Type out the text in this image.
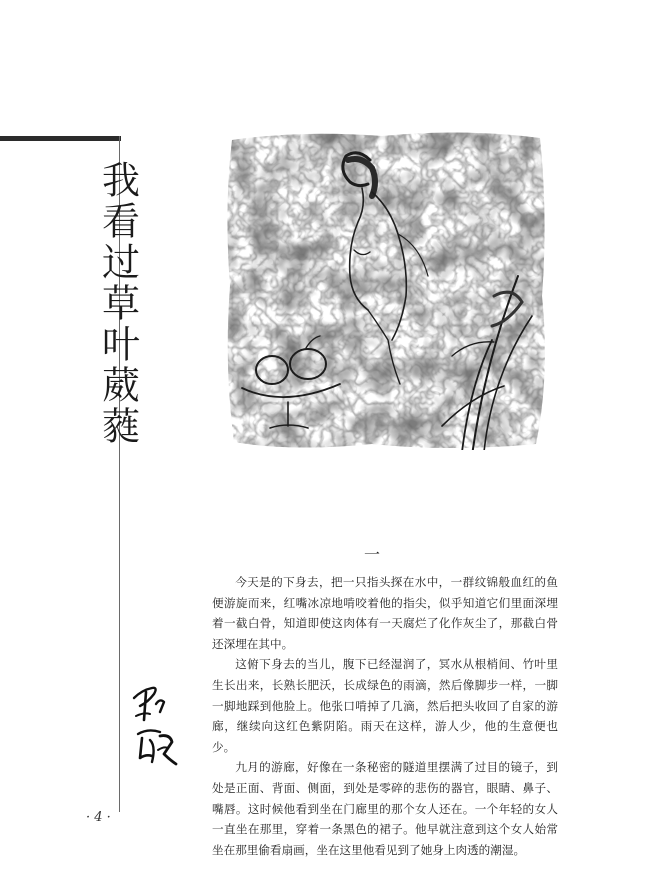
我看过草叶葳蕤
一

今天是的下身去，把一只指头探在水中，一群纹锦般血红的鱼便游旋而来，红嘴冰凉地啃咬着他的指尖，似乎知道它们里面深埋着一截白骨，知道即使这肉体有一天腐烂了化作灰尘了，那截白骨还深埋在其中。

这俯下身去的当儿，腹下已经湿润了，冥水从根梢间、竹叶里生长出来，长熟长肥沃，长成绿色的雨滴，然后像脚步一样，一脚一脚地踩到他脸上。他张口啃掉了几滴，然后把头收回了自家的游廊，继续向这红色紫阴陷。雨天在这样，游人少，他的生意便也少。

九月的游廊，好像在一条秘密的隧道里摆满了过目的镜子，到处是正面、背面、侧面，到处是零碎的悲伤的器官，眼睛、鼻子、嘴唇。这时候他看到坐在门廊里的那个女人还在。一个年轻的女人一直坐在那里，穿着一条黑色的裙子。他早就注意到这个女人始常坐在那里偷看扇画，坐在这里他看见到了她身上肉透的潮湿。

· 4 ·
